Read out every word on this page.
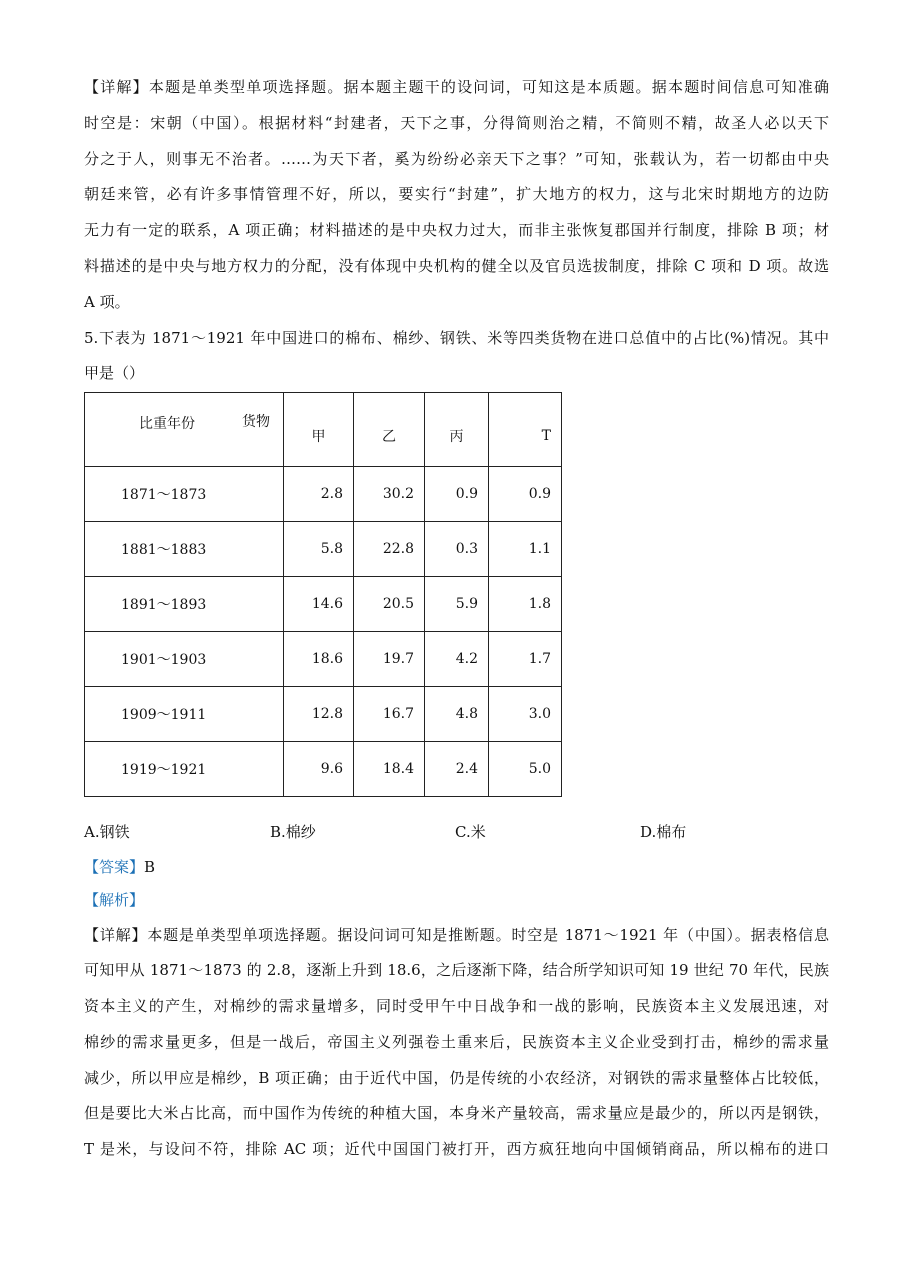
【详解】本题是单类型单项选择题。据本题主题干的设问词，可知这是本质题。据本题时间信息可知准确
时空是：宋朝（中国）。根据材料“封建者，天下之事，分得简则治之精，不简则不精，故圣人必以天下
分之于人，则事无不治者。……为天下者，奚为纷纷必亲天下之事？”可知，张载认为，若一切都由中央
朝廷来管，必有许多事情管理不好，所以，要实行“封建”，扩大地方的权力，这与北宋时期地方的边防
无力有一定的联系，A 项正确；材料描述的是中央权力过大，而非主张恢复郡国并行制度，排除 B 项；材
料描述的是中央与地方权力的分配，没有体现中央机构的健全以及官员选拔制度，排除 C 项和 D 项。故选
A 项。
5.下表为 1871～1921 年中国进口的棉布、棉纱、钢铁、米等四类货物在进口总值中的占比(%)情况。其中
甲是（）
比重年份 货物	甲	乙	丙	T
1871～1873	2.8	30.2	0.9	0.9
1881～1883	5.8	22.8	0.3	1.1
1891～1893	14.6	20.5	5.9	1.8
1901～1903	18.6	19.7	4.2	1.7
1909～1911	12.8	16.7	4.8	3.0
1919～1921	9.6	18.4	2.4	5.0
A.钢铁	B.棉纱	C.米	D.棉布
【答案】B
【解析】
【详解】本题是单类型单项选择题。据设问词可知是推断题。时空是 1871～1921 年（中国）。据表格信息
可知甲从 1871～1873 的 2.8，逐渐上升到 18.6，之后逐渐下降，结合所学知识可知 19 世纪 70 年代，民族
资本主义的产生，对棉纱的需求量增多，同时受甲午中日战争和一战的影响，民族资本主义发展迅速，对
棉纱的需求量更多，但是一战后，帝国主义列强卷土重来后，民族资本主义企业受到打击，棉纱的需求量
减少，所以甲应是棉纱，B 项正确；由于近代中国，仍是传统的小农经济，对钢铁的需求量整体占比较低，
但是要比大米占比高，而中国作为传统的种植大国，本身米产量较高，需求量应是最少的，所以丙是钢铁，
T 是米，与设问不符，排除 AC 项；近代中国国门被打开，西方疯狂地向中国倾销商品，所以棉布的进口
